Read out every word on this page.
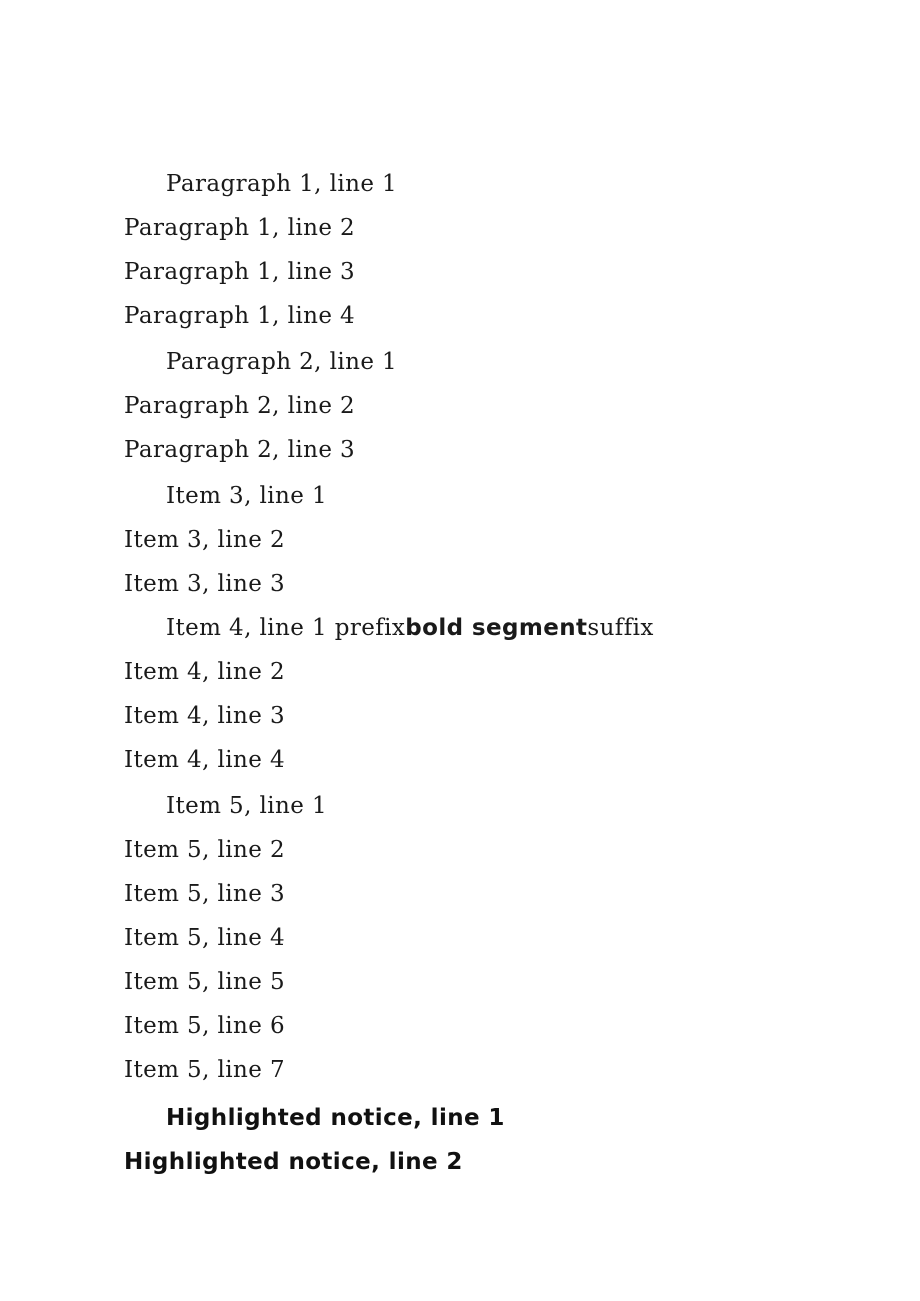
Paragraph 1, line 1
Paragraph 1, line 2
Paragraph 1, line 3
Paragraph 1, line 4
Paragraph 2, line 1
Paragraph 2, line 2
Paragraph 2, line 3
Item 3, line 1
Item 3, line 2
Item 3, line 3
Item 4, line 1 prefixbold segmentsuffix
Item 4, line 2
Item 4, line 3
Item 4, line 4
Item 5, line 1
Item 5, line 2
Item 5, line 3
Item 5, line 4
Item 5, line 5
Item 5, line 6
Item 5, line 7
Highlighted notice, line 1
Highlighted notice, line 2
